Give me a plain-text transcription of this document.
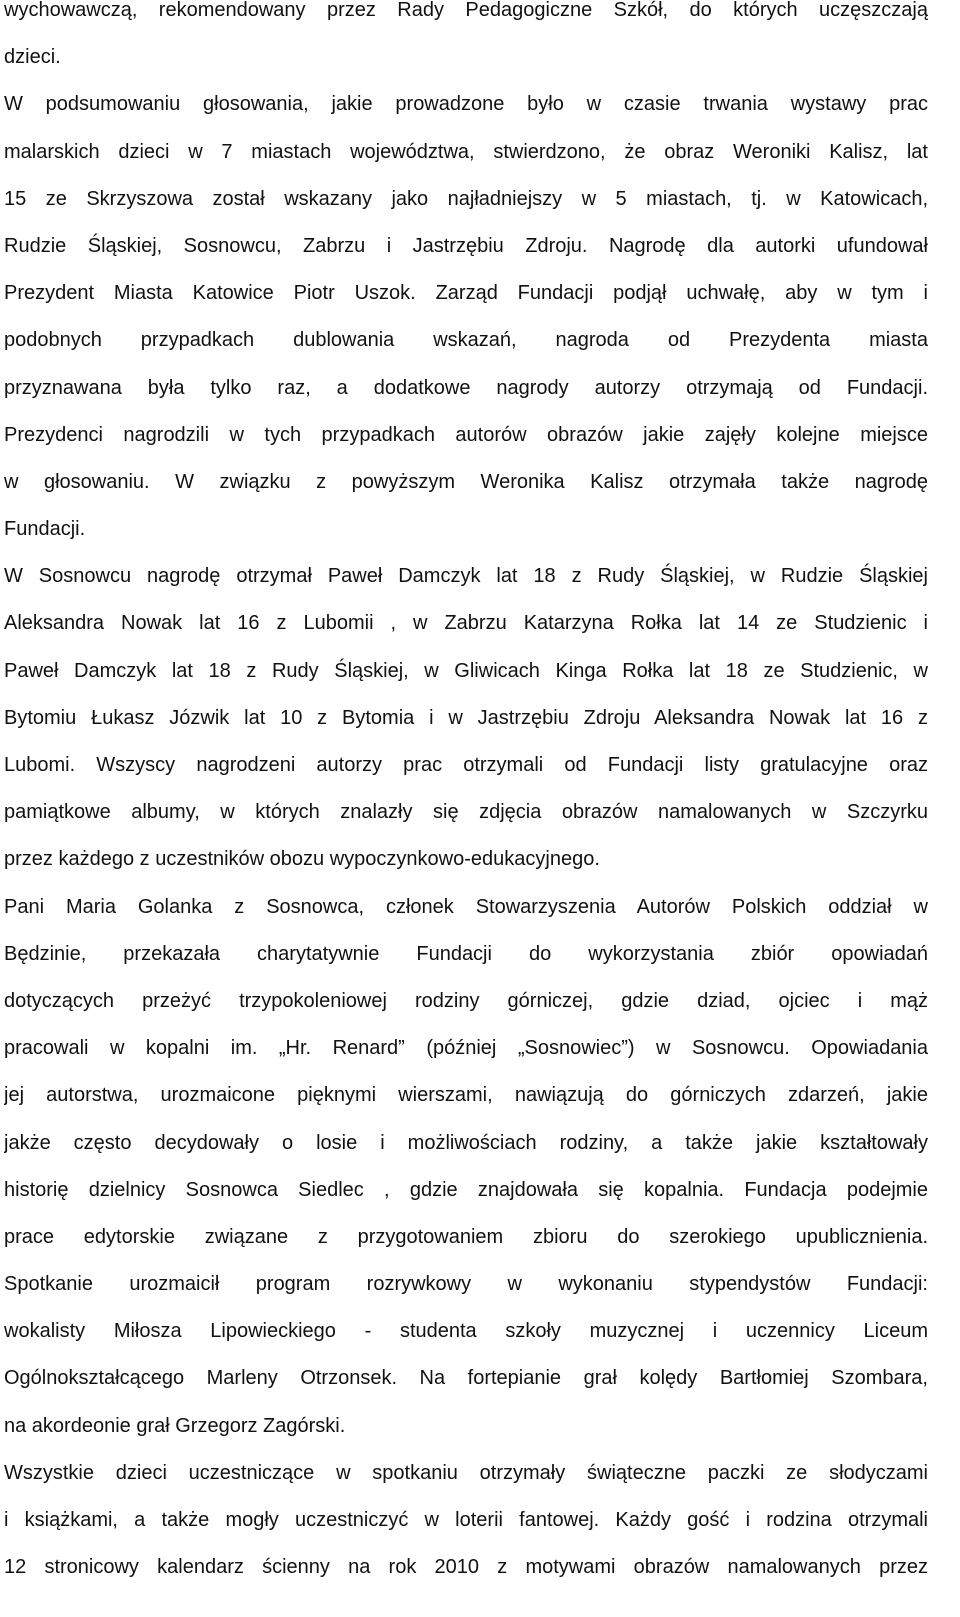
wychowawczą, rekomendowany przez Rady Pedagogiczne Szkół, do których uczęszczają
dzieci.
W podsumowaniu głosowania, jakie prowadzone było w czasie trwania wystawy prac
malarskich dzieci w 7 miastach województwa, stwierdzono, że obraz Weroniki Kalisz, lat
15 ze Skrzyszowa został wskazany jako najładniejszy w 5 miastach, tj. w Katowicach,
Rudzie Śląskiej, Sosnowcu, Zabrzu i Jastrzębiu Zdroju. Nagrodę dla autorki ufundował
Prezydent Miasta Katowice Piotr Uszok. Zarząd Fundacji podjął uchwałę, aby w tym i
podobnych przypadkach dublowania wskazań, nagroda od Prezydenta miasta
przyznawana była tylko raz, a dodatkowe nagrody autorzy otrzymają od Fundacji.
Prezydenci nagrodzili w tych przypadkach autorów obrazów jakie zajęły kolejne miejsce
w głosowaniu. W związku z powyższym Weronika Kalisz otrzymała także nagrodę
Fundacji.
W Sosnowcu nagrodę otrzymał Paweł Damczyk lat 18 z Rudy Śląskiej, w Rudzie Śląskiej
Aleksandra Nowak lat 16 z Lubomii , w Zabrzu Katarzyna Rołka lat 14 ze Studzienic i
Paweł Damczyk lat 18 z Rudy Śląskiej, w Gliwicach Kinga Rołka lat 18 ze Studzienic, w
Bytomiu Łukasz Józwik lat 10 z Bytomia i w Jastrzębiu Zdroju Aleksandra Nowak lat 16 z
Lubomi. Wszyscy nagrodzeni autorzy prac otrzymali od Fundacji listy gratulacyjne oraz
pamiątkowe albumy, w których znalazły się zdjęcia obrazów namalowanych w Szczyrku
przez każdego z uczestników obozu wypoczynkowo-edukacyjnego.
Pani Maria Golanka z Sosnowca, członek Stowarzyszenia Autorów Polskich oddział w
Będzinie, przekazała charytatywnie Fundacji do wykorzystania zbiór opowiadań
dotyczących przeżyć trzypokoleniowej rodziny górniczej, gdzie dziad, ojciec i mąż
pracowali w kopalni im. „Hr. Renard” (później „Sosnowiec”) w Sosnowcu. Opowiadania
jej autorstwa, urozmaicone pięknymi wierszami, nawiązują do górniczych zdarzeń, jakie
jakże często decydowały o losie i możliwościach rodziny, a także jakie kształtowały
historię dzielnicy Sosnowca Siedlec , gdzie znajdowała się kopalnia. Fundacja podejmie
prace edytorskie związane z przygotowaniem zbioru do szerokiego upublicznienia.
Spotkanie urozmaicił program rozrywkowy w wykonaniu stypendystów Fundacji:
wokalisty Miłosza Lipowieckiego - studenta szkoły muzycznej i uczennicy Liceum
Ogólnokształcącego Marleny Otrzonsek. Na fortepianie grał kolędy Bartłomiej Szombara,
na akordeonie grał Grzegorz Zagórski.
Wszystkie dzieci uczestniczące w spotkaniu otrzymały świąteczne paczki ze słodyczami
i książkami, a także mogły uczestniczyć w loterii fantowej. Każdy gość i rodzina otrzymali
12 stronicowy kalendarz ścienny na rok 2010 z motywami obrazów namalowanych przez
